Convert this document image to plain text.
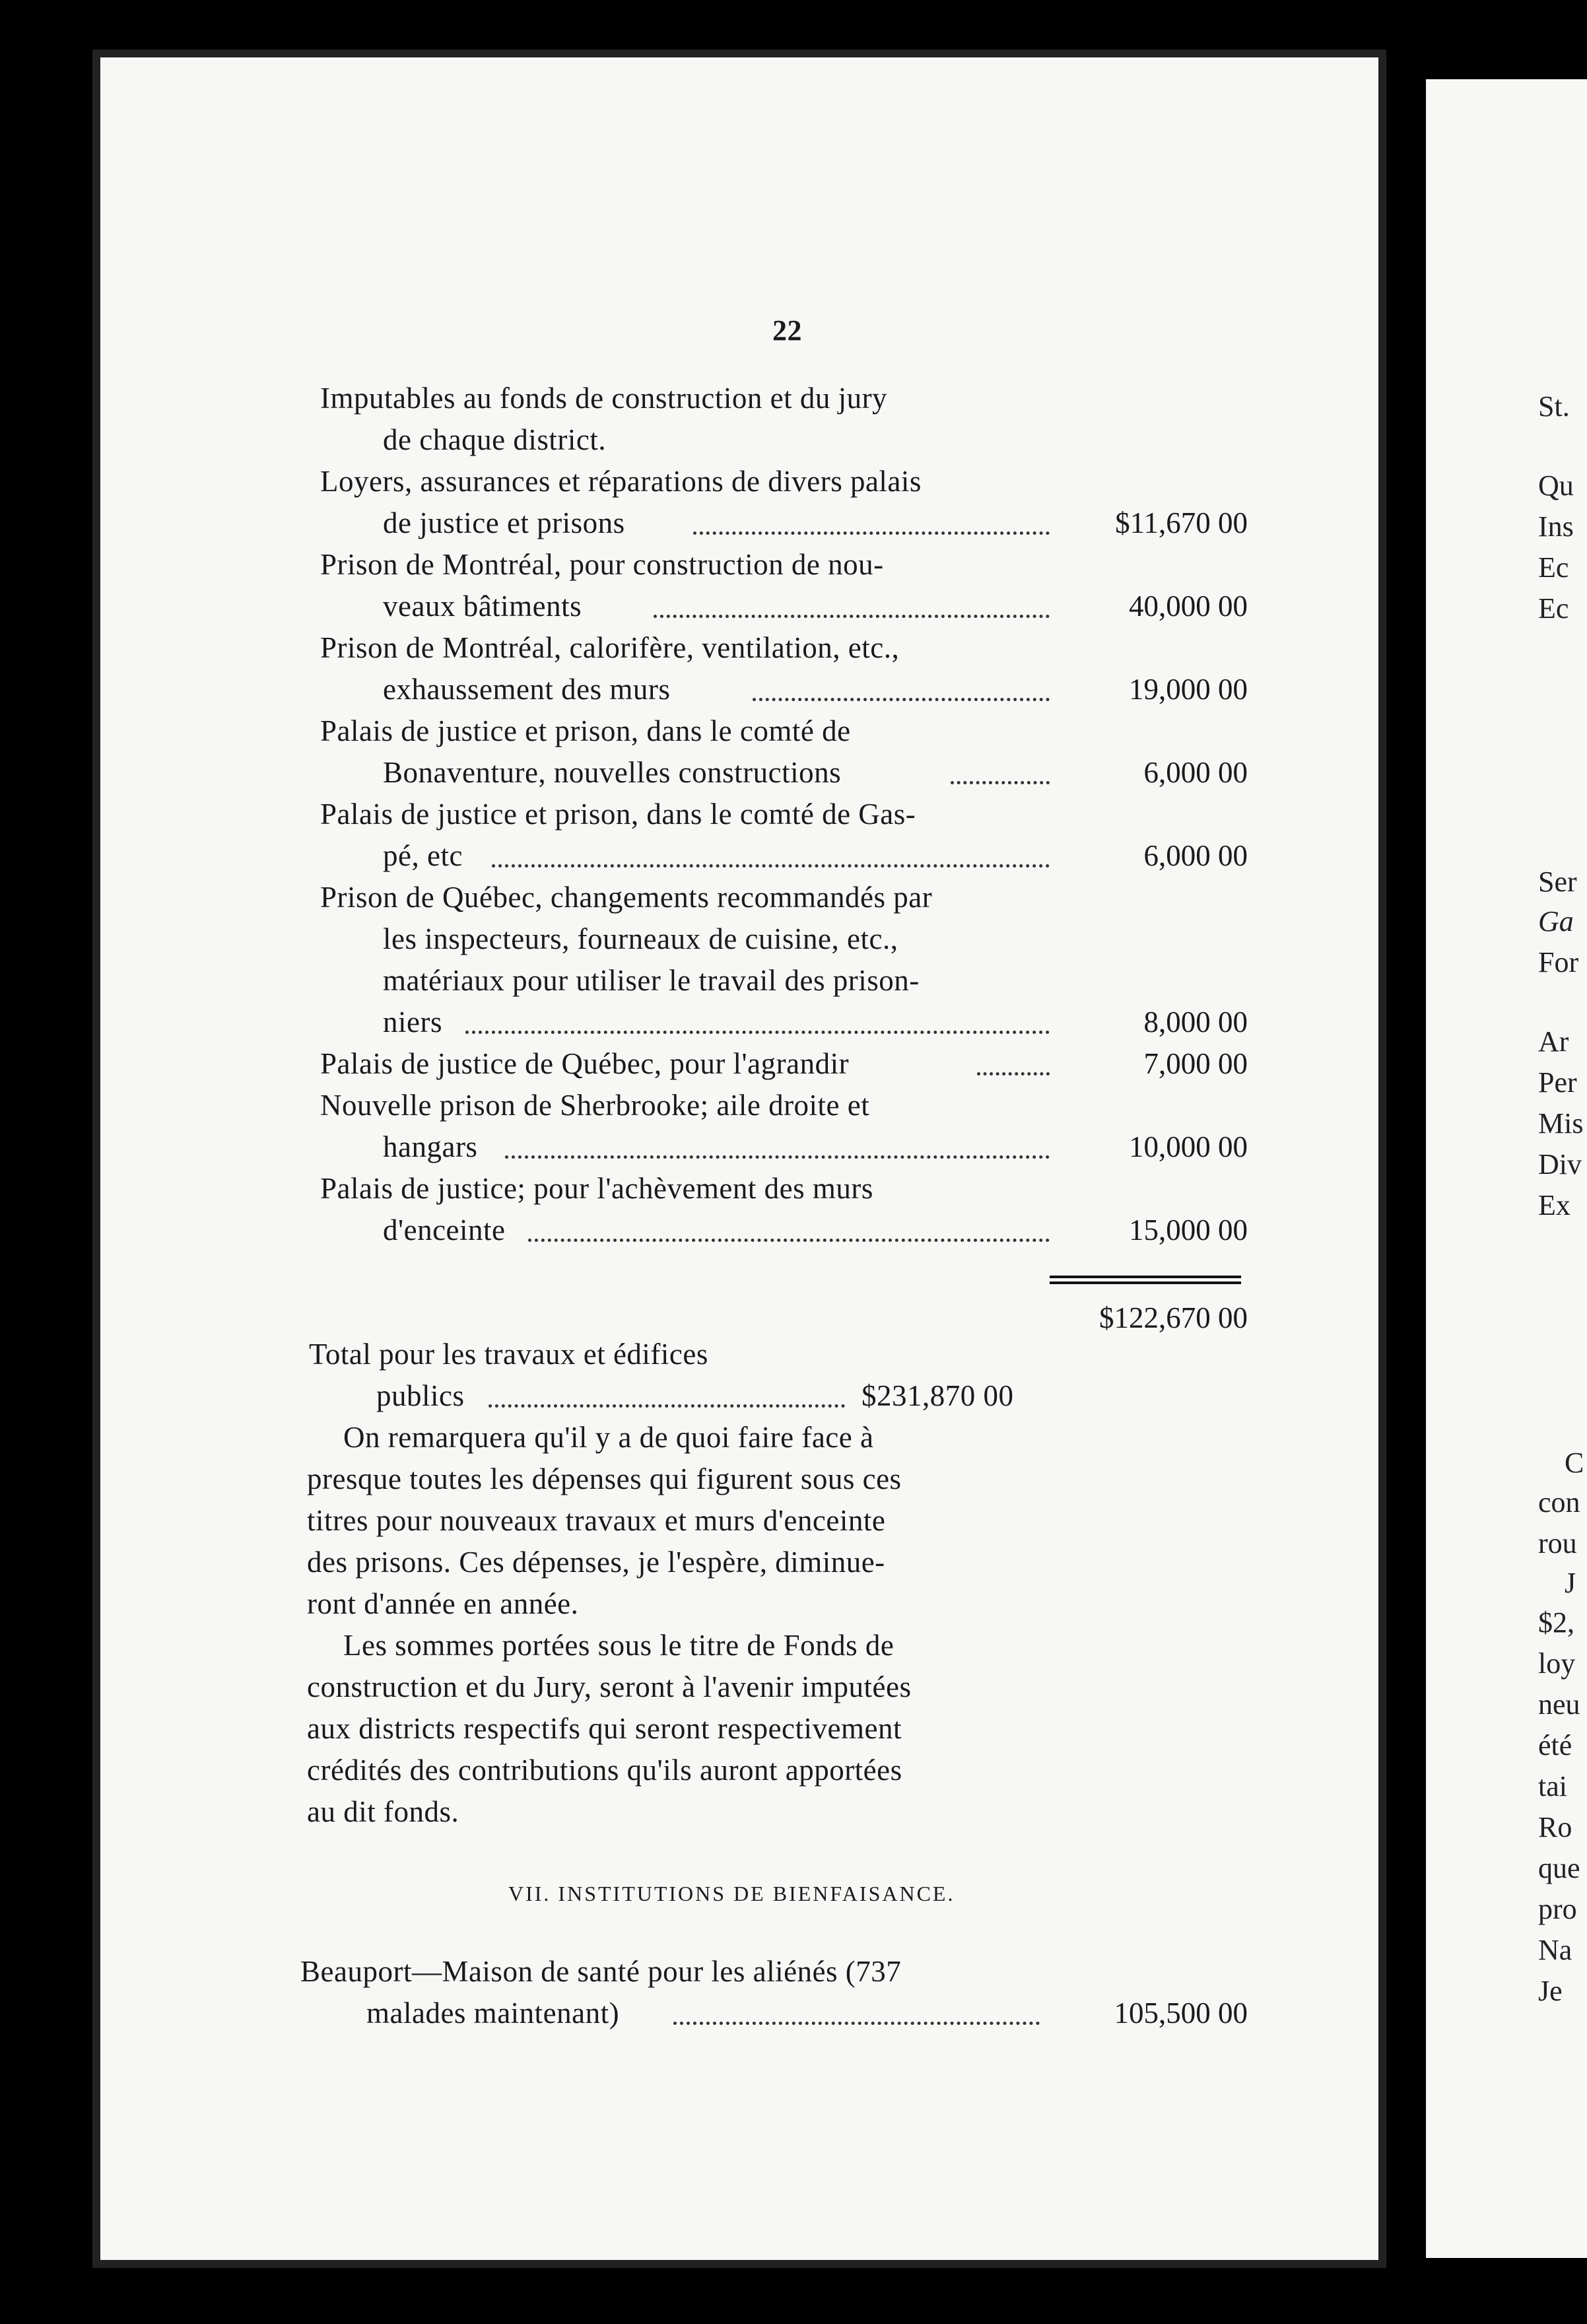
St.
Qu
Ins
Ec
Ec
Ser
Ga
For
Ar
Per
Mis
Div
Ex
C
con
rou
J
$2,
loy
neu
été
tai
Ro
que
pro
Na
Je
22
Imputables au fonds de construction et du jury
de chaque district.
Loyers, assurances et réparations de divers palais
de justice et prisons	$11,670 00
Prison de Montréal, pour construction de nou-
veaux bâtiments	40,000 00
Prison de Montréal, calorifère, ventilation, etc.,
exhaussement des murs	19,000 00
Palais de justice et prison, dans le comté de
Bonaventure, nouvelles constructions	6,000 00
Palais de justice et prison, dans le comté de Gas-
pé, etc	6,000 00
Prison de Québec, changements recommandés par
les inspecteurs, fourneaux de cuisine, etc.,
matériaux pour utiliser le travail des prison-
niers	8,000 00
Palais de justice de Québec, pour l'agrandir	7,000 00
Nouvelle prison de Sherbrooke; aile droite et
hangars	10,000 00
Palais de justice; pour l'achèvement des murs
d'enceinte	15,000 00
$122,670 00
Total pour les travaux et édifices
publics	$231,870 00
On remarquera qu'il y a de quoi faire face à
presque toutes les dépenses qui figurent sous ces
titres pour nouveaux travaux et murs d'enceinte
des prisons. Ces dépenses, je l'espère, diminue-
ront d'année en année.
Les sommes portées sous le titre de Fonds de
construction et du Jury, seront à l'avenir imputées
aux districts respectifs qui seront respectivement
crédités des contributions qu'ils auront apportées
au dit fonds.
VII. INSTITUTIONS DE BIENFAISANCE.
Beauport—Maison de santé pour les aliénés (737
malades maintenant)	105,500 00
